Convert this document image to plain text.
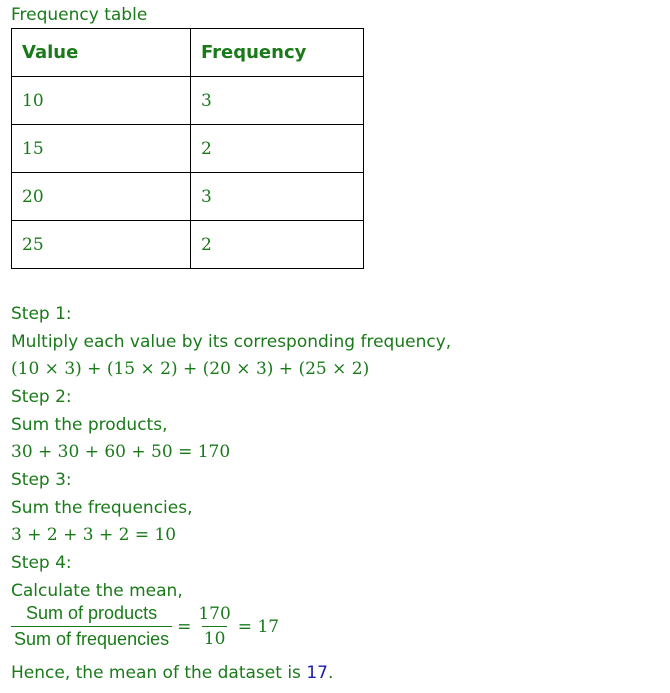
Frequency table
Value	Frequency
10	3
15	2
20	3
25	2
Step 1:
Multiply each value by its corresponding frequency,
(10 × 3) + (15 × 2) + (20 × 3) + (25 × 2)
Step 2:
Sum the products,
30 + 30 + 60 + 50 = 170
Step 3:
Sum the frequencies,
3 + 2 + 3 + 2 = 10
Step 4:
Calculate the mean,
$\frac{\text{Sum of products}}{\text{Sum of frequencies}} = \frac{170}{10} = 17$
Hence, the mean of the dataset is 17.
